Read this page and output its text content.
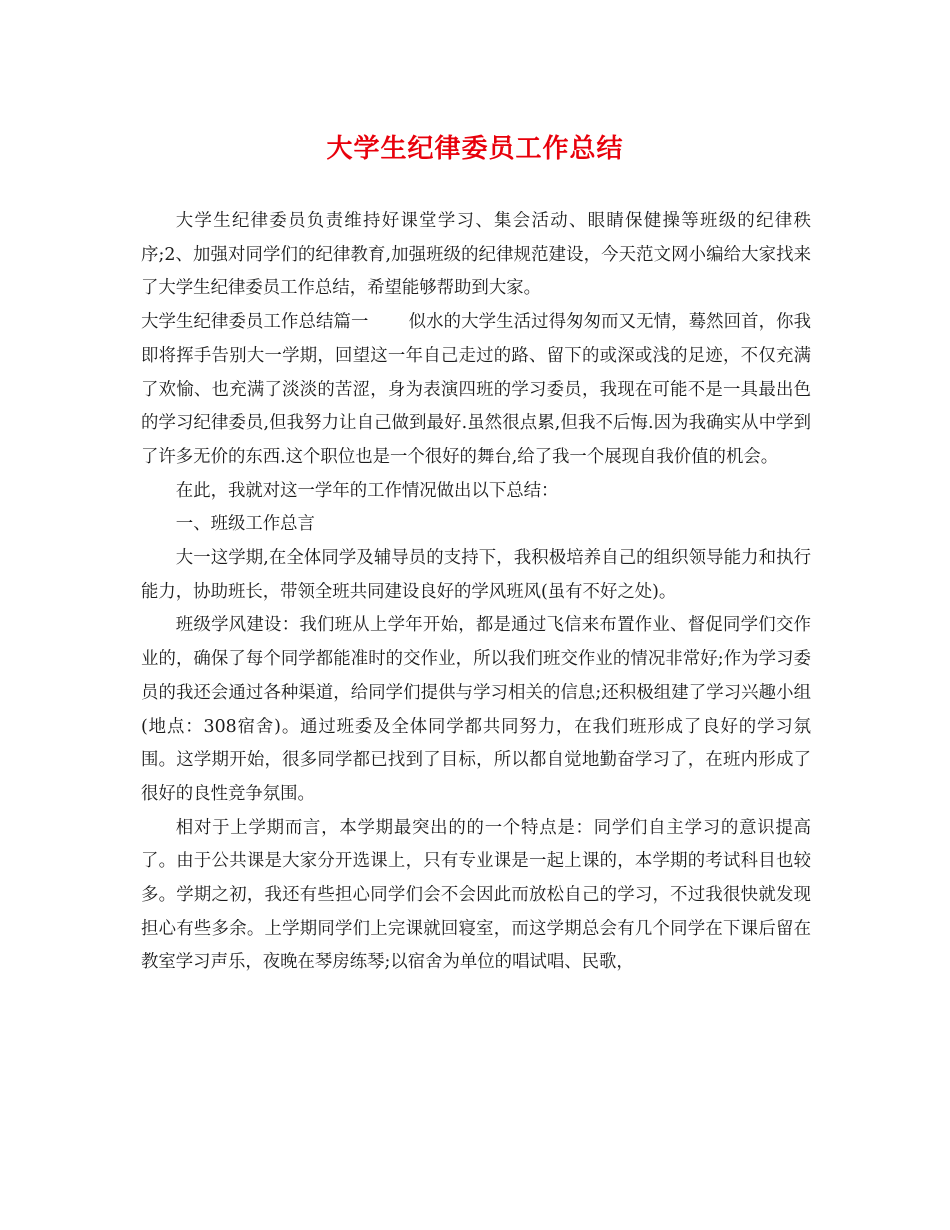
大学生纪律委员工作总结

大学生纪律委员负责维持好课堂学习、集会活动、眼睛保健操等班级的纪律秩序;2、加强对同学们的纪律教育,加强班级的纪律规范建设，今天范文网小编给大家找来了大学生纪律委员工作总结，希望能够帮助到大家。

大学生纪律委员工作总结篇一 似水的大学生活过得匆匆而又无情，蓦然回首，你我即将挥手告别大一学期，回望这一年自己走过的路、留下的或深或浅的足迹，不仅充满了欢愉、也充满了淡淡的苦涩，身为表演四班的学习委员，我现在可能不是一具最出色的学习纪律委员,但我努力让自己做到最好.虽然很点累,但我不后悔.因为我确实从中学到了许多无价的东西.这个职位也是一个很好的舞台,给了我一个展现自我价值的机会。

在此，我就对这一学年的工作情况做出以下总结：

一、班级工作总言

大一这学期,在全体同学及辅导员的支持下，我积极培养自己的组织领导能力和执行能力，协助班长，带领全班共同建设良好的学风班风(虽有不好之处)。

班级学风建设：我们班从上学年开始，都是通过飞信来布置作业、督促同学们交作业的，确保了每个同学都能准时的交作业，所以我们班交作业的情况非常好;作为学习委员的我还会通过各种渠道，给同学们提供与学习相关的信息;还积极组建了学习兴趣小组(地点：308宿舍)。通过班委及全体同学都共同努力，在我们班形成了良好的学习氛围。这学期开始，很多同学都已找到了目标，所以都自觉地勤奋学习了，在班内形成了很好的良性竞争氛围。

相对于上学期而言，本学期最突出的的一个特点是：同学们自主学习的意识提高了。由于公共课是大家分开选课上，只有专业课是一起上课的，本学期的考试科目也较多。学期之初，我还有些担心同学们会不会因此而放松自己的学习，不过我很快就发现担心有些多余。上学期同学们上完课就回寝室，而这学期总会有几个同学在下课后留在教室学习声乐，夜晚在琴房练琴;以宿舍为单位的唱试唱、民歌，
